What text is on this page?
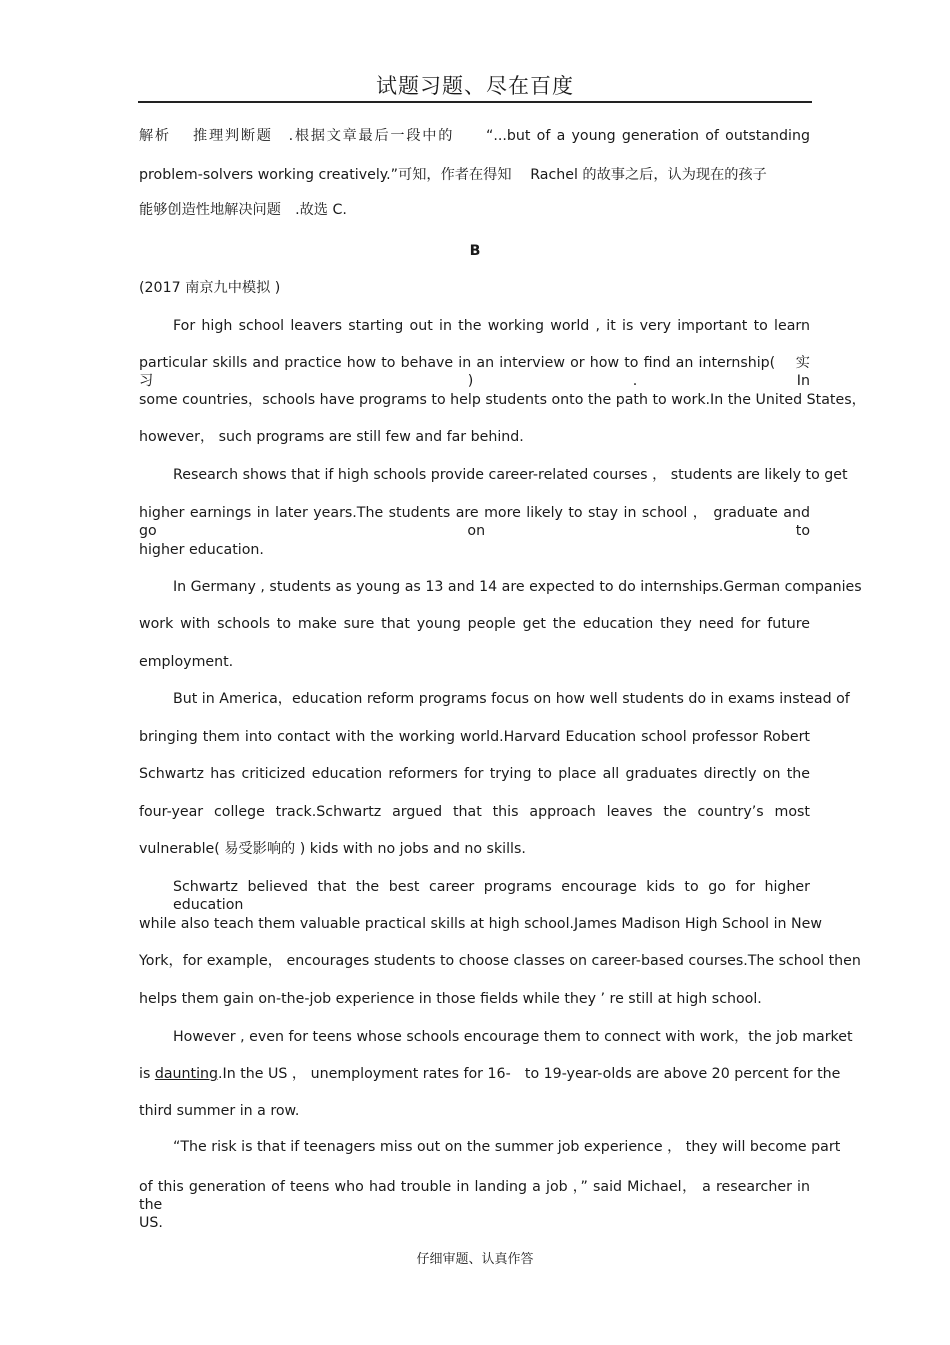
试题习题、尽在百度
解析　 推理判断题　.根据文章最后一段中的　　“...but of a young generation of outstanding
problem-solvers working creatively.”可知，作者在得知　 Rachel 的故事之后，认为现在的孩子
能够创造性地解决问题　.故选 C.
B
(2017 南京九中模拟 )
For high school leavers starting out in the working world , it is very important to learn
particular skills and practice how to behave in an interview or how to find an internship(　 实习 ) . In
some countries，schools have programs to help students onto the path to work.In the United States，
however， such programs are still few and far behind.
Research shows that if high schools provide career-related courses ， students are likely to get
higher earnings in later years.The students are more likely to stay in school ， graduate and go on to
higher education.
In Germany , students as young as 13 and 14 are expected to do internships.German companies
work with schools to make sure that young people get the education they need for future
employment.
But in America，education reform programs focus on how well students do in exams instead of
bringing them into contact with the working world.Harvard Education school professor Robert
Schwartz has criticized education reformers for trying to place all graduates directly on the
four-year college track.Schwartz argued that this approach leaves the country’s most
vulnerable( 易受影响的 ) kids with no jobs and no skills.
Schwartz believed that the best career programs encourage kids to go for higher education
while also teach them valuable practical skills at high school.James Madison High School in New
York，for example， encourages students to choose classes on career-based courses.The school then
helps them gain on-the-job experience in those fields while they ’ re still at high school.
However , even for teens whose schools encourage them to connect with work，the job market
is daunting.In the US ， unemployment rates for 16-　to 19-year-olds are above 20 percent for the
third summer in a row.
“The risk is that if teenagers miss out on the summer job experience ， they will become part
of this generation of teens who had trouble in landing a job ，” said Michael， a researcher in the
US.
仔细审题、认真作答
